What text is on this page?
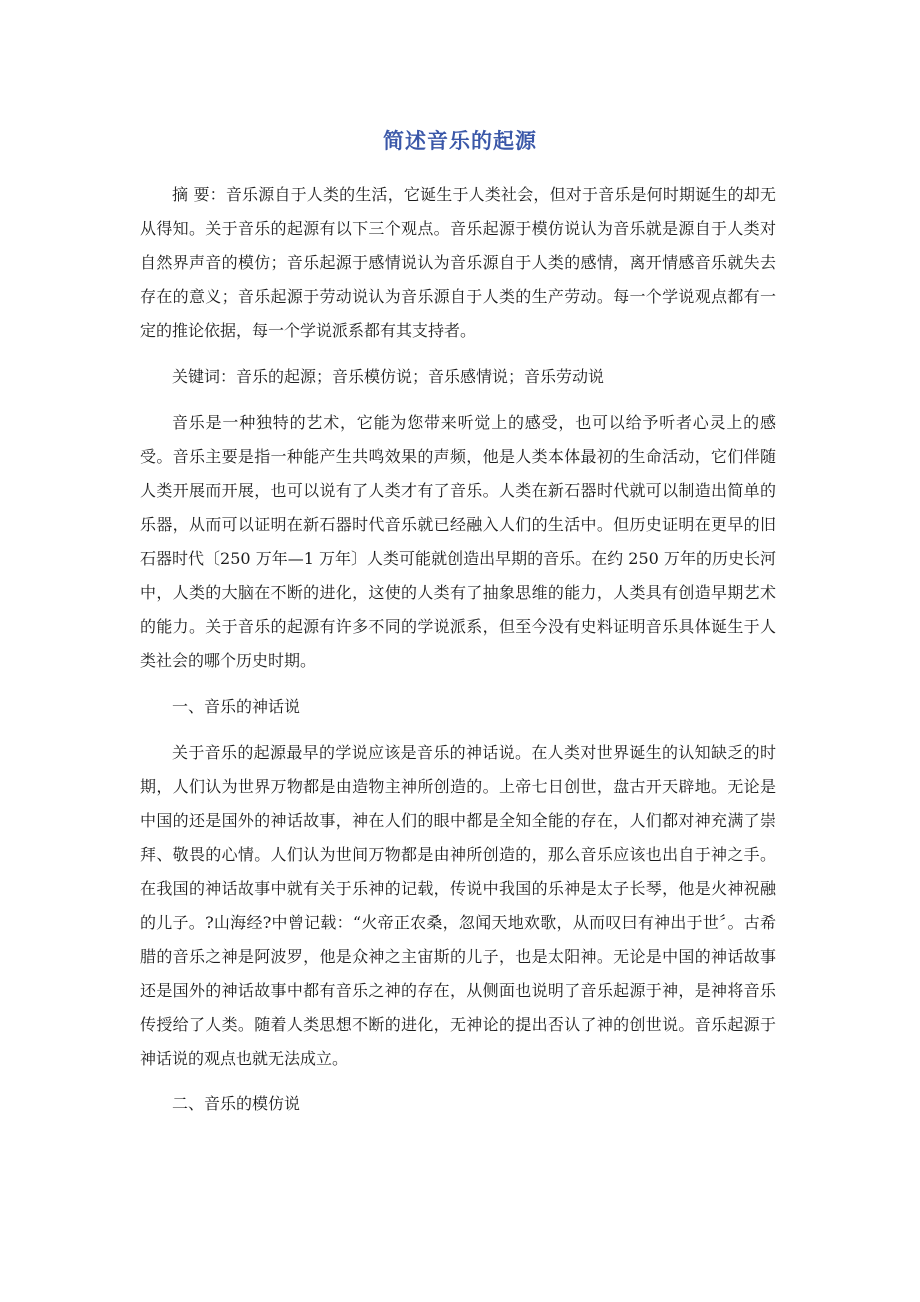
简述音乐的起源

摘 要：音乐源自于人类的生活，它诞生于人类社会，但对于音乐是何时期诞生的却无从得知。关于音乐的起源有以下三个观点。音乐起源于模仿说认为音乐就是源自于人类对自然界声音的模仿；音乐起源于感情说认为音乐源自于人类的感情，离开情感音乐就失去存在的意义；音乐起源于劳动说认为音乐源自于人类的生产劳动。每一个学说观点都有一定的推论依据，每一个学说派系都有其支持者。

关键词：音乐的起源；音乐模仿说；音乐感情说；音乐劳动说

音乐是一种独特的艺术，它能为您带来听觉上的感受，也可以给予听者心灵上的感受。音乐主要是指一种能产生共鸣效果的声频，他是人类本体最初的生命活动，它们伴随人类开展而开展，也可以说有了人类才有了音乐。人类在新石器时代就可以制造出简单的乐器，从而可以证明在新石器时代音乐就已经融入人们的生活中。但历史证明在更早的旧石器时代〔250 万年—1 万年〕人类可能就创造出早期的音乐。在约 250 万年的历史长河中，人类的大脑在不断的进化，这使的人类有了抽象思维的能力，人类具有创造早期艺术的能力。关于音乐的起源有许多不同的学说派系，但至今没有史料证明音乐具体诞生于人类社会的哪个历史时期。

一、音乐的神话说

关于音乐的起源最早的学说应该是音乐的神话说。在人类对世界诞生的认知缺乏的时期，人们认为世界万物都是由造物主神所创造的。上帝七日创世，盘古开天辟地。无论是中国的还是国外的神话故事，神在人们的眼中都是全知全能的存在，人们都对神充满了崇拜、敬畏的心情。人们认为世间万物都是由神所创造的，那么音乐应该也出自于神之手。在我国的神话故事中就有关于乐神的记载，传说中我国的乐神是太子长琴，他是火神祝融的儿子。?山海经?中曾记载：“火帝正农桑，忽闻天地欢歌，从而叹曰有神出于世〞。古希腊的音乐之神是阿波罗，他是众神之主宙斯的儿子，也是太阳神。无论是中国的神话故事还是国外的神话故事中都有音乐之神的存在，从侧面也说明了音乐起源于神，是神将音乐传授给了人类。随着人类思想不断的进化，无神论的提出否认了神的创世说。音乐起源于神话说的观点也就无法成立。

二、音乐的模仿说
